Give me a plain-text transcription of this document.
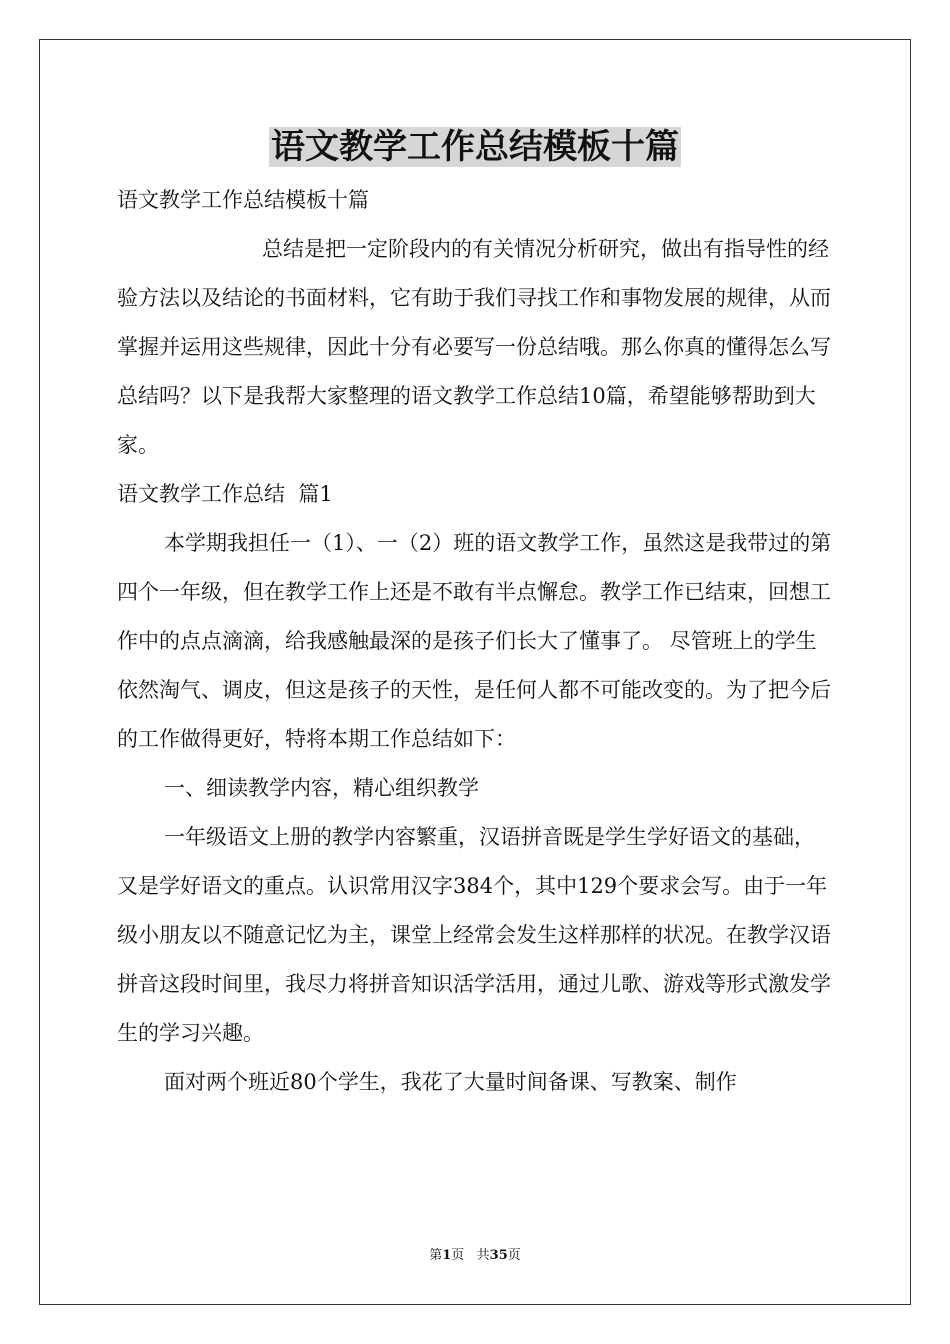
语文教学工作总结模板十篇

语文教学工作总结模板十篇

总结是把一定阶段内的有关情况分析研究，做出有指导性的经验方法以及结论的书面材料，它有助于我们寻找工作和事物发展的规律，从而掌握并运用这些规律，因此十分有必要写一份总结哦。那么你真的懂得怎么写总结吗？以下是我帮大家整理的语文教学工作总结10篇，希望能够帮助到大家。

语文教学工作总结  篇1

本学期我担任一（1）、一（2）班的语文教学工作，虽然这是我带过的第四个一年级，但在教学工作上还是不敢有半点懈怠。教学工作已结束，回想工作中的点点滴滴，给我感触最深的是孩子们长大了懂事了。 尽管班上的学生依然淘气、调皮，但这是孩子的天性，是任何人都不可能改变的。为了把今后的工作做得更好，特将本期工作总结如下：

一、细读教学内容，精心组织教学

一年级语文上册的教学内容繁重，汉语拼音既是学生学好语文的基础，又是学好语文的重点。认识常用汉字384个，其中129个要求会写。由于一年级小朋友以不随意记忆为主，课堂上经常会发生这样那样的状况。在教学汉语拼音这段时间里，我尽力将拼音知识活学活用，通过儿歌、游戏等形式激发学生的学习兴趣。

面对两个班近80个学生，我花了大量时间备课、写教案、制作

第1页   共35页
